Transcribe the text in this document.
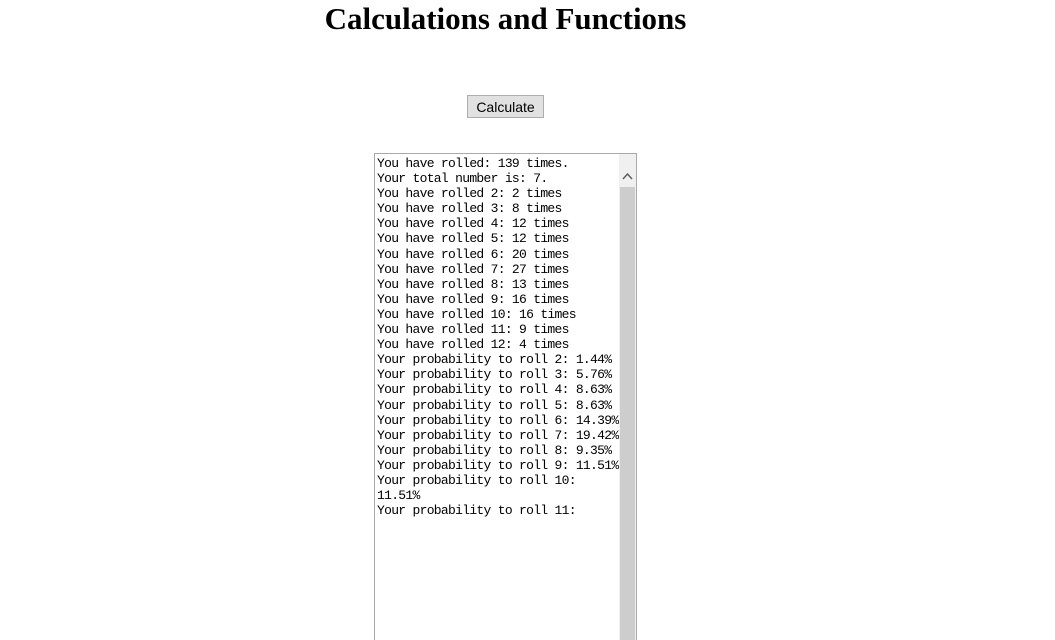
Calculations and Functions
Calculate
You have rolled: 139 times.
Your total number is: 7.
You have rolled 2: 2 times
You have rolled 3: 8 times
You have rolled 4: 12 times
You have rolled 5: 12 times
You have rolled 6: 20 times
You have rolled 7: 27 times
You have rolled 8: 13 times
You have rolled 9: 16 times
You have rolled 10: 16 times
You have rolled 11: 9 times
You have rolled 12: 4 times
Your probability to roll 2: 1.44%
Your probability to roll 3: 5.76%
Your probability to roll 4: 8.63%
Your probability to roll 5: 8.63%
Your probability to roll 6: 14.39%
Your probability to roll 7: 19.42%
Your probability to roll 8: 9.35%
Your probability to roll 9: 11.51%
Your probability to roll 10: 11.51%
Your probability to roll 11:
